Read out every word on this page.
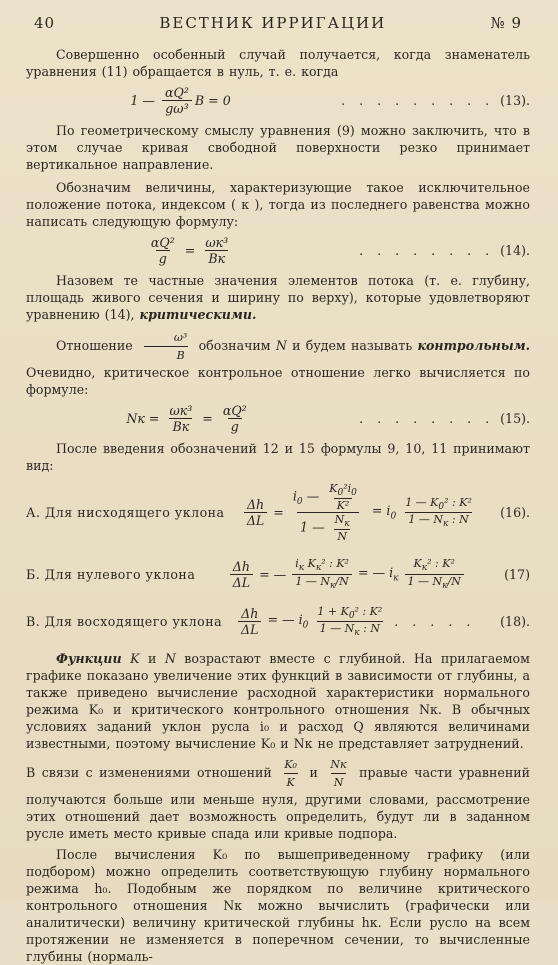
40	ВЕСТНИК ИРРИГАЦИИ	№ 9

Совершенно особенный случай получается, когда знаменатель уравнения (11) обращается в нуль, т. е. когда

1 — $\frac{\text{αQ²}}{\text{gω³}}$ B = 0	. . . . . . . . . (13).

По геометрическому смыслу уравнения (9) можно заключить, что в этом случае кривая свободной поверхности резко принимает вертикальное направление.

Обозначим величины, характеризующие такое исключительное положение потока, индексом ( к ), тогда из последнего равенства можно написать следующую формулу:

$\frac{\text{αQ²}}{g} = \frac{\text{ωк³}}{Bк}$	. . . . . . . . (14).

Назовем те частные значения элементов потока (т. е. глубину, площадь живого сечения и ширину по верху), которые удовлетворяют уравнению (14), критическими.

Отношение $\frac{\text{ω³}}{B}$ обозначим N и будем называть контрольным. Очевидно, критическое контрольное отношение легко вычисляется по формуле:

Nк = $\frac{\text{ωк³}}{Bк} = \frac{\text{αQ²}}{g}$	. . . . . . . . (15).

После введения обозначений 12 и 15 формулы 9, 10, 11 принимают вид:

А. Для нисходящего уклона $\frac{\Delta h}{\Delta L} = \frac{i_0 — \frac{K_0^2i_0}{\text{K²}}}{1 — \frac{N_к}{N}} = i_0 \frac{1 — K_0^2 : K^2}{1 — N_к : N} (16)$.
Б. Для нулевого уклона	$\frac{\Delta h}{\Delta L}$ = — $\frac{i_к K_к^2 : K^2}{1 — N_к/N}$ = — $i_к \frac{K_к^2 : K^2}{1 — N_к/N}$	(17)
В. Для восходящего уклона $\frac{\Delta h}{\Delta L}$ = — $i_0 \frac{1 + K_0^2 : K^2}{1 — N_к : N}$ . . . . . (18).

Функции K и N возрастают вместе с глубиной. На прилагаемом графике показано увеличение этих функций в зависимости от глубины, а также приведено вычисление расходной характеристики нормального режима K₀ и критического контрольного отношения Nк. В обычных условиях заданий уклон русла i₀ и расход Q являются величинами известными, поэтому вычисление K₀ и Nк не представляет затруднений.

В связи с изменениями отношений $\frac{\text{K₀}}{K}$ и $\frac{Nк}{N}$ правые части уравнений получаются больше или меньше нуля, другими словами, рассмотрение этих отношений дает возможность определить, будут ли в заданном русле иметь место кривые спада или кривые подпора.

После вычисления K₀ по вышеприведенному графику (или подбором) можно определить соответствующую глубину нормального режима h₀. Подобным же порядком по величине критического контрольного отношения Nк можно вычислить (графически или аналитически) величину критической глубины hк. Если русло на всем протяжении не изменяется в поперечном сечении, то вычисленные глубины (нормаль-
